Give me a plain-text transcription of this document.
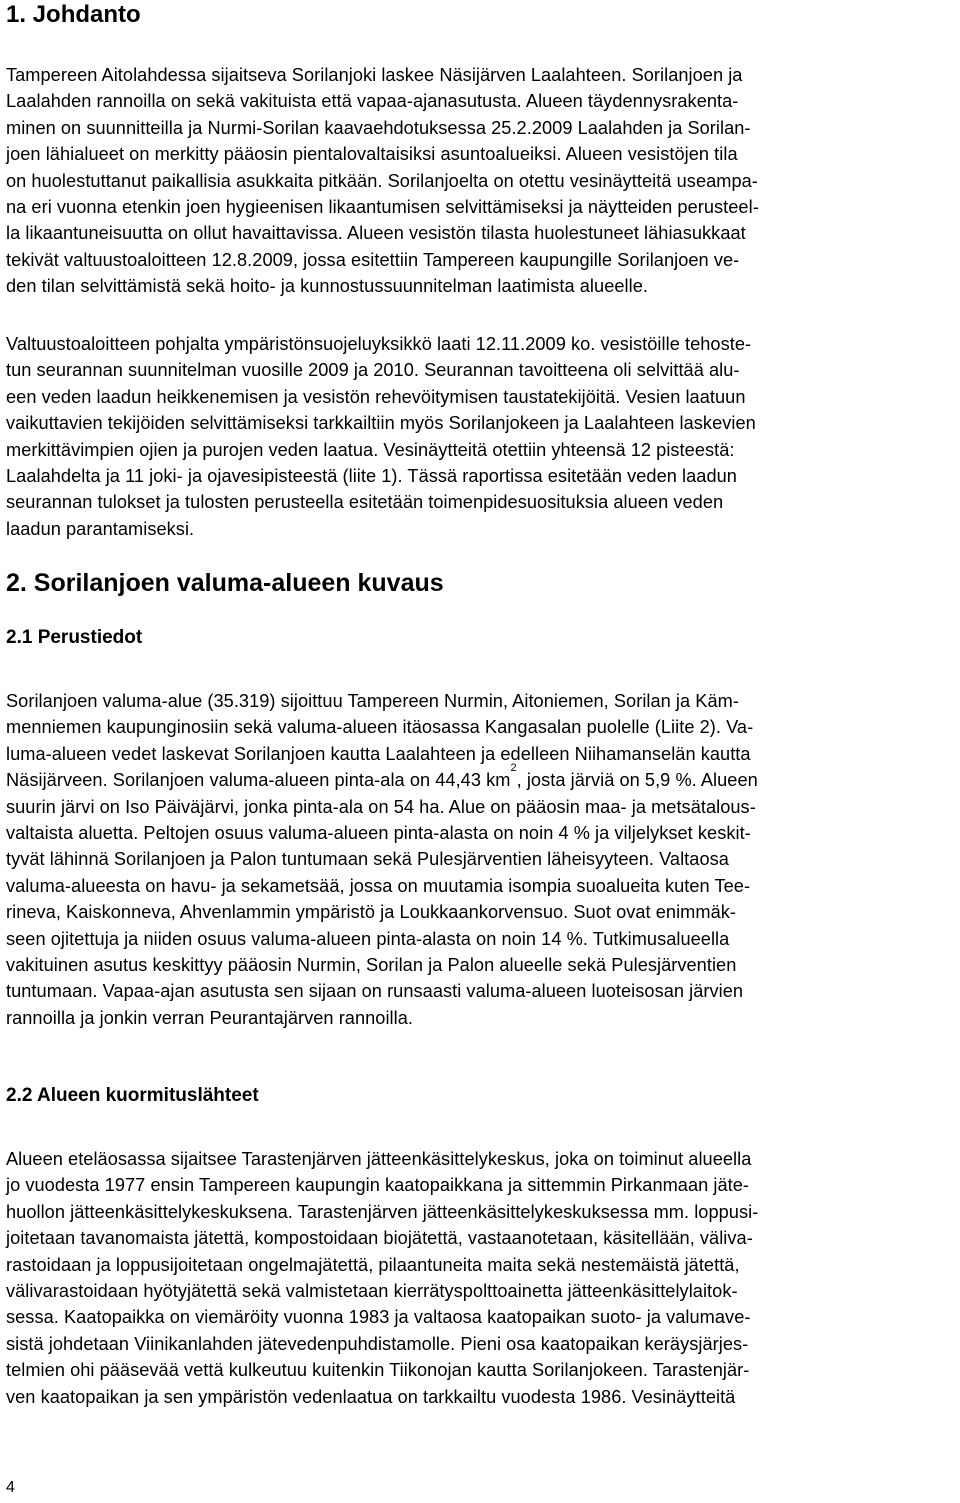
1. Johdanto
Tampereen Aitolahdessa sijaitseva Sorilanjoki laskee Näsijärven Laalahteen. Sorilanjoen ja
Laalahden rannoilla on sekä vakituista että vapaa-ajanasutusta. Alueen täydennysrakenta-
minen on suunnitteilla ja Nurmi-Sorilan kaavaehdotuksessa 25.2.2009 Laalahden ja Sorilan-
joen lähialueet on merkitty pääosin pientalovaltaisiksi asuntoalueiksi. Alueen vesistöjen tila
on huolestuttanut paikallisia asukkaita pitkään. Sorilanjoelta on otettu vesinäytteitä useampa-
na eri vuonna etenkin joen hygieenisen likaantumisen selvittämiseksi ja näytteiden perusteel-
la likaantuneisuutta on ollut havaittavissa. Alueen vesistön tilasta huolestuneet lähiasukkaat
tekivät valtuustoaloitteen 12.8.2009, jossa esitettiin Tampereen kaupungille Sorilanjoen ve-
den tilan selvittämistä sekä hoito- ja kunnostussuunnitelman laatimista alueelle.
Valtuustoaloitteen pohjalta ympäristönsuojeluyksikkö laati 12.11.2009 ko. vesistöille tehoste-
tun seurannan suunnitelman vuosille 2009 ja 2010. Seurannan tavoitteena oli selvittää alu-
een veden laadun heikkenemisen ja vesistön rehevöitymisen taustatekijöitä. Vesien laatuun
vaikuttavien tekijöiden selvittämiseksi tarkkailtiin myös Sorilanjokeen ja Laalahteen laskevien
merkittävimpien ojien ja purojen veden laatua. Vesinäytteitä otettiin yhteensä 12 pisteestä:
Laalahdelta ja 11 joki- ja ojavesipisteestä (liite 1). Tässä raportissa esitetään veden laadun
seurannan tulokset ja tulosten perusteella esitetään toimenpidesuosituksia alueen veden
laadun parantamiseksi.
2. Sorilanjoen valuma-alueen kuvaus
2.1 Perustiedot
Sorilanjoen valuma-alue (35.319) sijoittuu Tampereen Nurmin, Aitoniemen, Sorilan ja Käm-
menniemen kaupunginosiin sekä valuma-alueen itäosassa Kangasalan puolelle (Liite 2). Va-
luma-alueen vedet laskevat Sorilanjoen kautta Laalahteen ja edelleen Niihamanselän kautta
Näsijärveen. Sorilanjoen valuma-alueen pinta-ala on 44,43 $km^2$, josta järviä on 5,9 %. Alueen
suurin järvi on Iso Päiväjärvi, jonka pinta-ala on 54 ha. Alue on pääosin maa- ja metsätalous-
valtaista aluetta. Peltojen osuus valuma-alueen pinta-alasta on noin 4 % ja viljelykset keskit-
tyvät lähinnä Sorilanjoen ja Palon tuntumaan sekä Pulesjärventien läheisyyteen. Valtaosa
valuma-alueesta on havu- ja sekametsää, jossa on muutamia isompia suoalueita kuten Tee-
rineva, Kaiskonneva, Ahvenlammin ympäristö ja Loukkaankorvensuo. Suot ovat enimmäk-
seen ojitettuja ja niiden osuus valuma-alueen pinta-alasta on noin 14 %. Tutkimusalueella
vakituinen asutus keskittyy pääosin Nurmin, Sorilan ja Palon alueelle sekä Pulesjärventien
tuntumaan. Vapaa-ajan asutusta sen sijaan on runsaasti valuma-alueen luoteisosan järvien
rannoilla ja jonkin verran Peurantajärven rannoilla.
2.2 Alueen kuormituslähteet
Alueen eteläosassa sijaitsee Tarastenjärven jätteenkäsittelykeskus, joka on toiminut alueella
jo vuodesta 1977 ensin Tampereen kaupungin kaatopaikkana ja sittemmin Pirkanmaan jäte-
huollon jätteenkäsittelykeskuksena. Tarastenjärven jätteenkäsittelykeskuksessa mm. loppusi-
joitetaan tavanomaista jätettä, kompostoidaan biojätettä, vastaanotetaan, käsitellään, väliva-
rastoidaan ja loppusijoitetaan ongelmajätettä, pilaantuneita maita sekä nestemäistä jätettä,
välivarastoidaan hyötyjätettä sekä valmistetaan kierrätyspolttoainetta jätteenkäsittelylaitok-
sessa. Kaatopaikka on viemäröity vuonna 1983 ja valtaosa kaatopaikan suoto- ja valumave-
sistä johdetaan Viinikanlahden jätevedenpuhdistamolle. Pieni osa kaatopaikan keräysjärjes-
telmien ohi pääsevää vettä kulkeutuu kuitenkin Tiikonojan kautta Sorilanjokeen. Tarastenjär-
ven kaatopaikan ja sen ympäristön vedenlaatua on tarkkailtu vuodesta 1986. Vesinäytteitä
4
